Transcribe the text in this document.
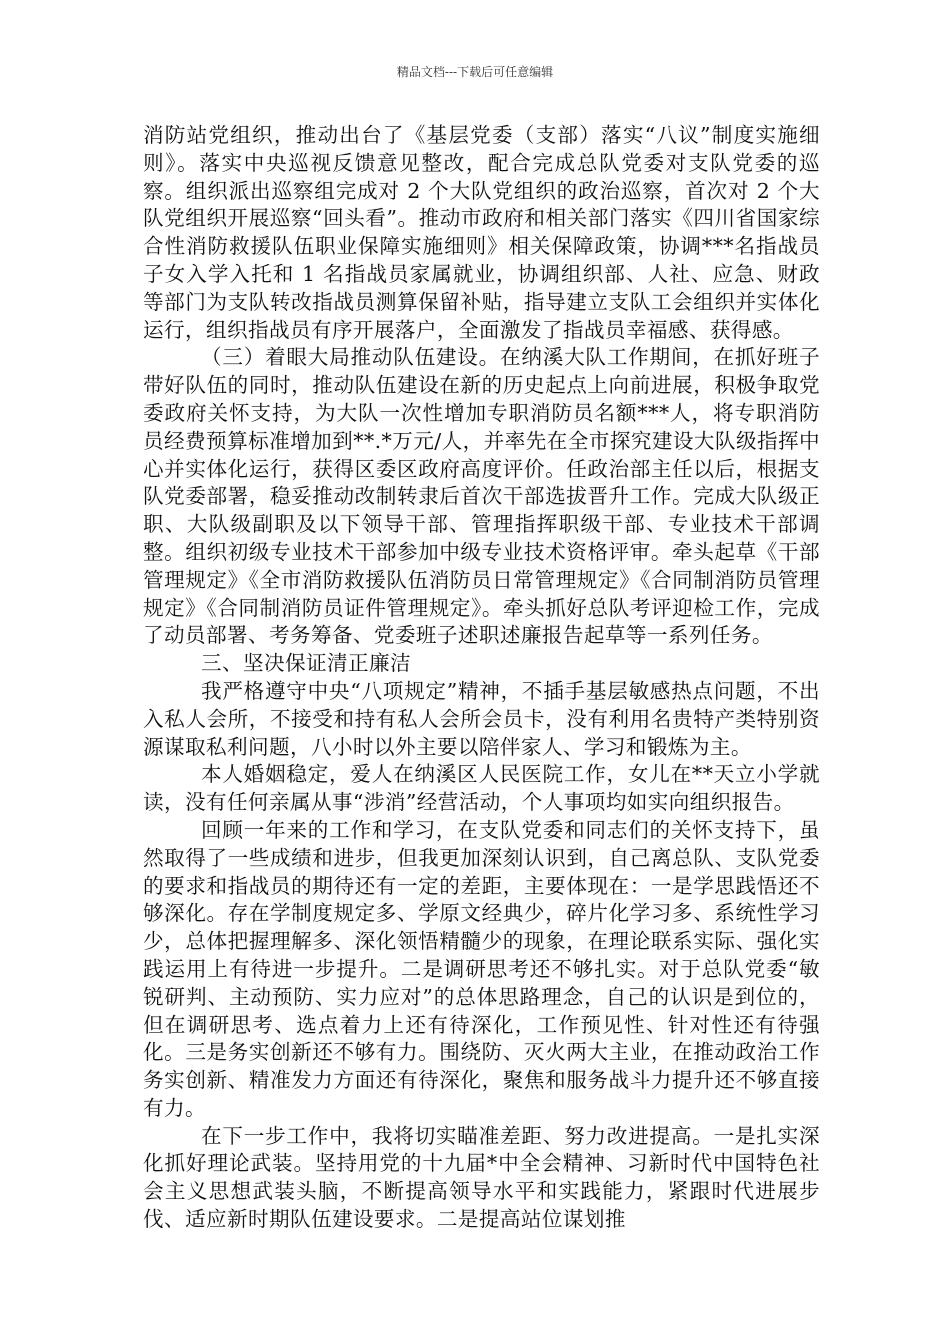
精品文档---下载后可任意编辑

消防站党组织，推动出台了《基层党委（支部）落实“八议”制度实施细则》。落实中央巡视反馈意见整改，配合完成总队党委对支队党委的巡察。组织派出巡察组完成对 2 个大队党组织的政治巡察，首次对 2 个大队党组织开展巡察“回头看”。推动市政府和相关部门落实《四川省国家综合性消防救援队伍职业保障实施细则》相关保障政策，协调***名指战员子女入学入托和 1 名指战员家属就业，协调组织部、人社、应急、财政等部门为支队转改指战员测算保留补贴，指导建立支队工会组织并实体化运行，组织指战员有序开展落户，全面激发了指战员幸福感、获得感。

（三）着眼大局推动队伍建设。在纳溪大队工作期间，在抓好班子带好队伍的同时，推动队伍建设在新的历史起点上向前进展，积极争取党委政府关怀支持，为大队一次性增加专职消防员名额***人，将专职消防员经费预算标准增加到**.*万元/人，并率先在全市探究建设大队级指挥中心并实体化运行，获得区委区政府高度评价。任政治部主任以后，根据支队党委部署，稳妥推动改制转隶后首次干部选拔晋升工作。完成大队级正职、大队级副职及以下领导干部、管理指挥职级干部、专业技术干部调整。组织初级专业技术干部参加中级专业技术资格评审。牵头起草《干部管理规定》《全市消防救援队伍消防员日常管理规定》《合同制消防员管理规定》《合同制消防员证件管理规定》。牵头抓好总队考评迎检工作，完成了动员部署、考务筹备、党委班子述职述廉报告起草等一系列任务。

三、坚决保证清正廉洁

我严格遵守中央“八项规定”精神，不插手基层敏感热点问题，不出入私人会所，不接受和持有私人会所会员卡，没有利用名贵特产类特别资源谋取私利问题，八小时以外主要以陪伴家人、学习和锻炼为主。

本人婚姻稳定，爱人在纳溪区人民医院工作，女儿在**天立小学就读，没有任何亲属从事“涉消”经营活动，个人事项均如实向组织报告。

回顾一年来的工作和学习，在支队党委和同志们的关怀支持下，虽然取得了一些成绩和进步，但我更加深刻认识到，自己离总队、支队党委的要求和指战员的期待还有一定的差距，主要体现在：一是学思践悟还不够深化。存在学制度规定多、学原文经典少，碎片化学习多、系统性学习少，总体把握理解多、深化领悟精髓少的现象，在理论联系实际、强化实践运用上有待进一步提升。二是调研思考还不够扎实。对于总队党委“敏锐研判、主动预防、实力应对”的总体思路理念，自己的认识是到位的，但在调研思考、选点着力上还有待深化，工作预见性、针对性还有待强化。三是务实创新还不够有力。围绕防、灭火两大主业，在推动政治工作务实创新、精准发力方面还有待深化，聚焦和服务战斗力提升还不够直接有力。

在下一步工作中，我将切实瞄准差距、努力改进提高。一是扎实深化抓好理论武装。坚持用党的十九届*中全会精神、习新时代中国特色社会主义思想武装头脑，不断提高领导水平和实践能力，紧跟时代进展步伐、适应新时期队伍建设要求。二是提高站位谋划推
